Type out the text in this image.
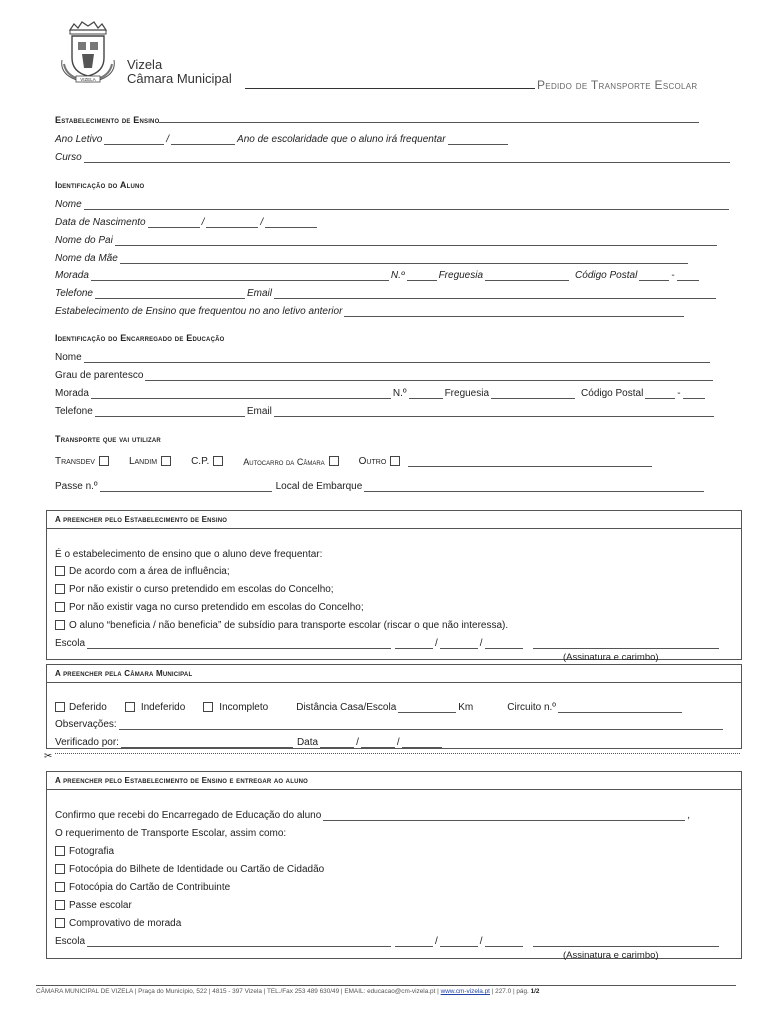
VIZELA
Vizela
Câmara Municipal	Pedido de Transporte Escolar
Estabelecimento de Ensino
Ano Letivo	/	Ano de escolaridade que o aluno irá frequentar
Curso
Identificação do Aluno
Nome
Data de Nascimento	/	/
Nome do Pai
Nome da Mãe
Morada	N.º	Freguesia	Código Postal	-
Telefone	Email
Estabelecimento de Ensino que frequentou no ano letivo anterior
Identificação do Encarregado de Educação
Nome
Grau de parentesco
Morada	N.º	Freguesia	Código Postal	-
Telefone	Email
Transporte que vai utilizar
Transdev	Landim	C.P.	Autocarro da Câmara	Outro
Passe n.º	Local de Embarque
A preencher pelo Estabelecimento de Ensino
É o estabelecimento de ensino que o aluno deve frequentar:
De acordo com a área de influência;
Por não existir o curso pretendido em escolas do Concelho;
Por não existir vaga no curso pretendido em escolas do Concelho;
O aluno “beneficia / não beneficia” de subsídio para transporte escolar (riscar o que não interessa).
Escola	/	/
(Assinatura e carimbo)
A preencher pela Câmara Municipal
Deferido	Indeferido	Incompleto	Distância Casa/Escola	Km	Circuito n.º
Observações:
Verificado por:	Data	/	/
✂
A preencher pelo Estabelecimento de Ensino e entregar ao aluno
Confirmo que recebi do Encarregado de Educação do aluno	,
O requerimento de Transporte Escolar, assim como:
Fotografia
Fotocópia do Bilhete de Identidade ou Cartão de Cidadão
Fotocópia do Cartão de Contribuinte
Passe escolar
Comprovativo de morada
Escola	/	/
(Assinatura e carimbo)
CÂMARA MUNICIPAL DE VIZELA | Praça do Município, 522 | 4815 - 397 Vizela | TEL./Fax 253 489 630/49 | EMAIL: educacao@cm-vizela.pt | www.cm-vizela.pt | 227.0 | pág. 1/2
